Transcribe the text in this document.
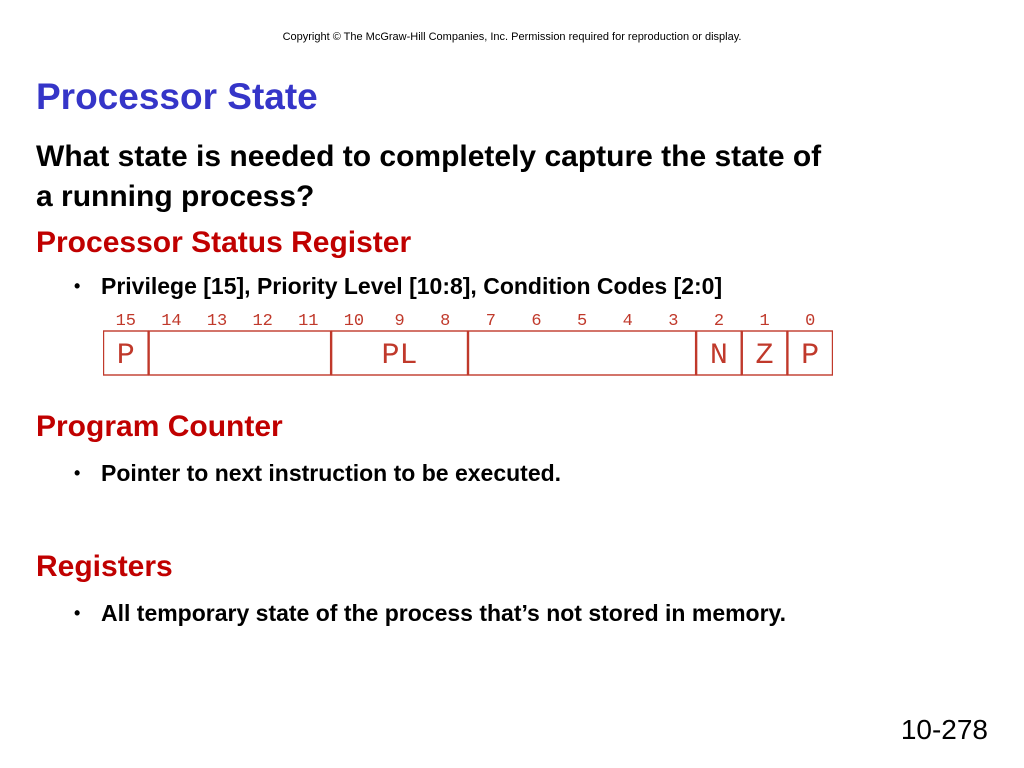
Copyright © The McGraw-Hill Companies, Inc. Permission required for reproduction or display.
Processor State

What state is needed to completely capture the state of a running process?

Processor Status Register

• Privilege [15], Priority Level [10:8], Condition Codes [2:0]

15 14 13 12 11 10 9 8 7 6 5 4 3 2 1 0
P	PL	N Z P
Program Counter

• Pointer to next instruction to be executed.

Registers

• All temporary state of the process that’s not stored in memory.

10-278
